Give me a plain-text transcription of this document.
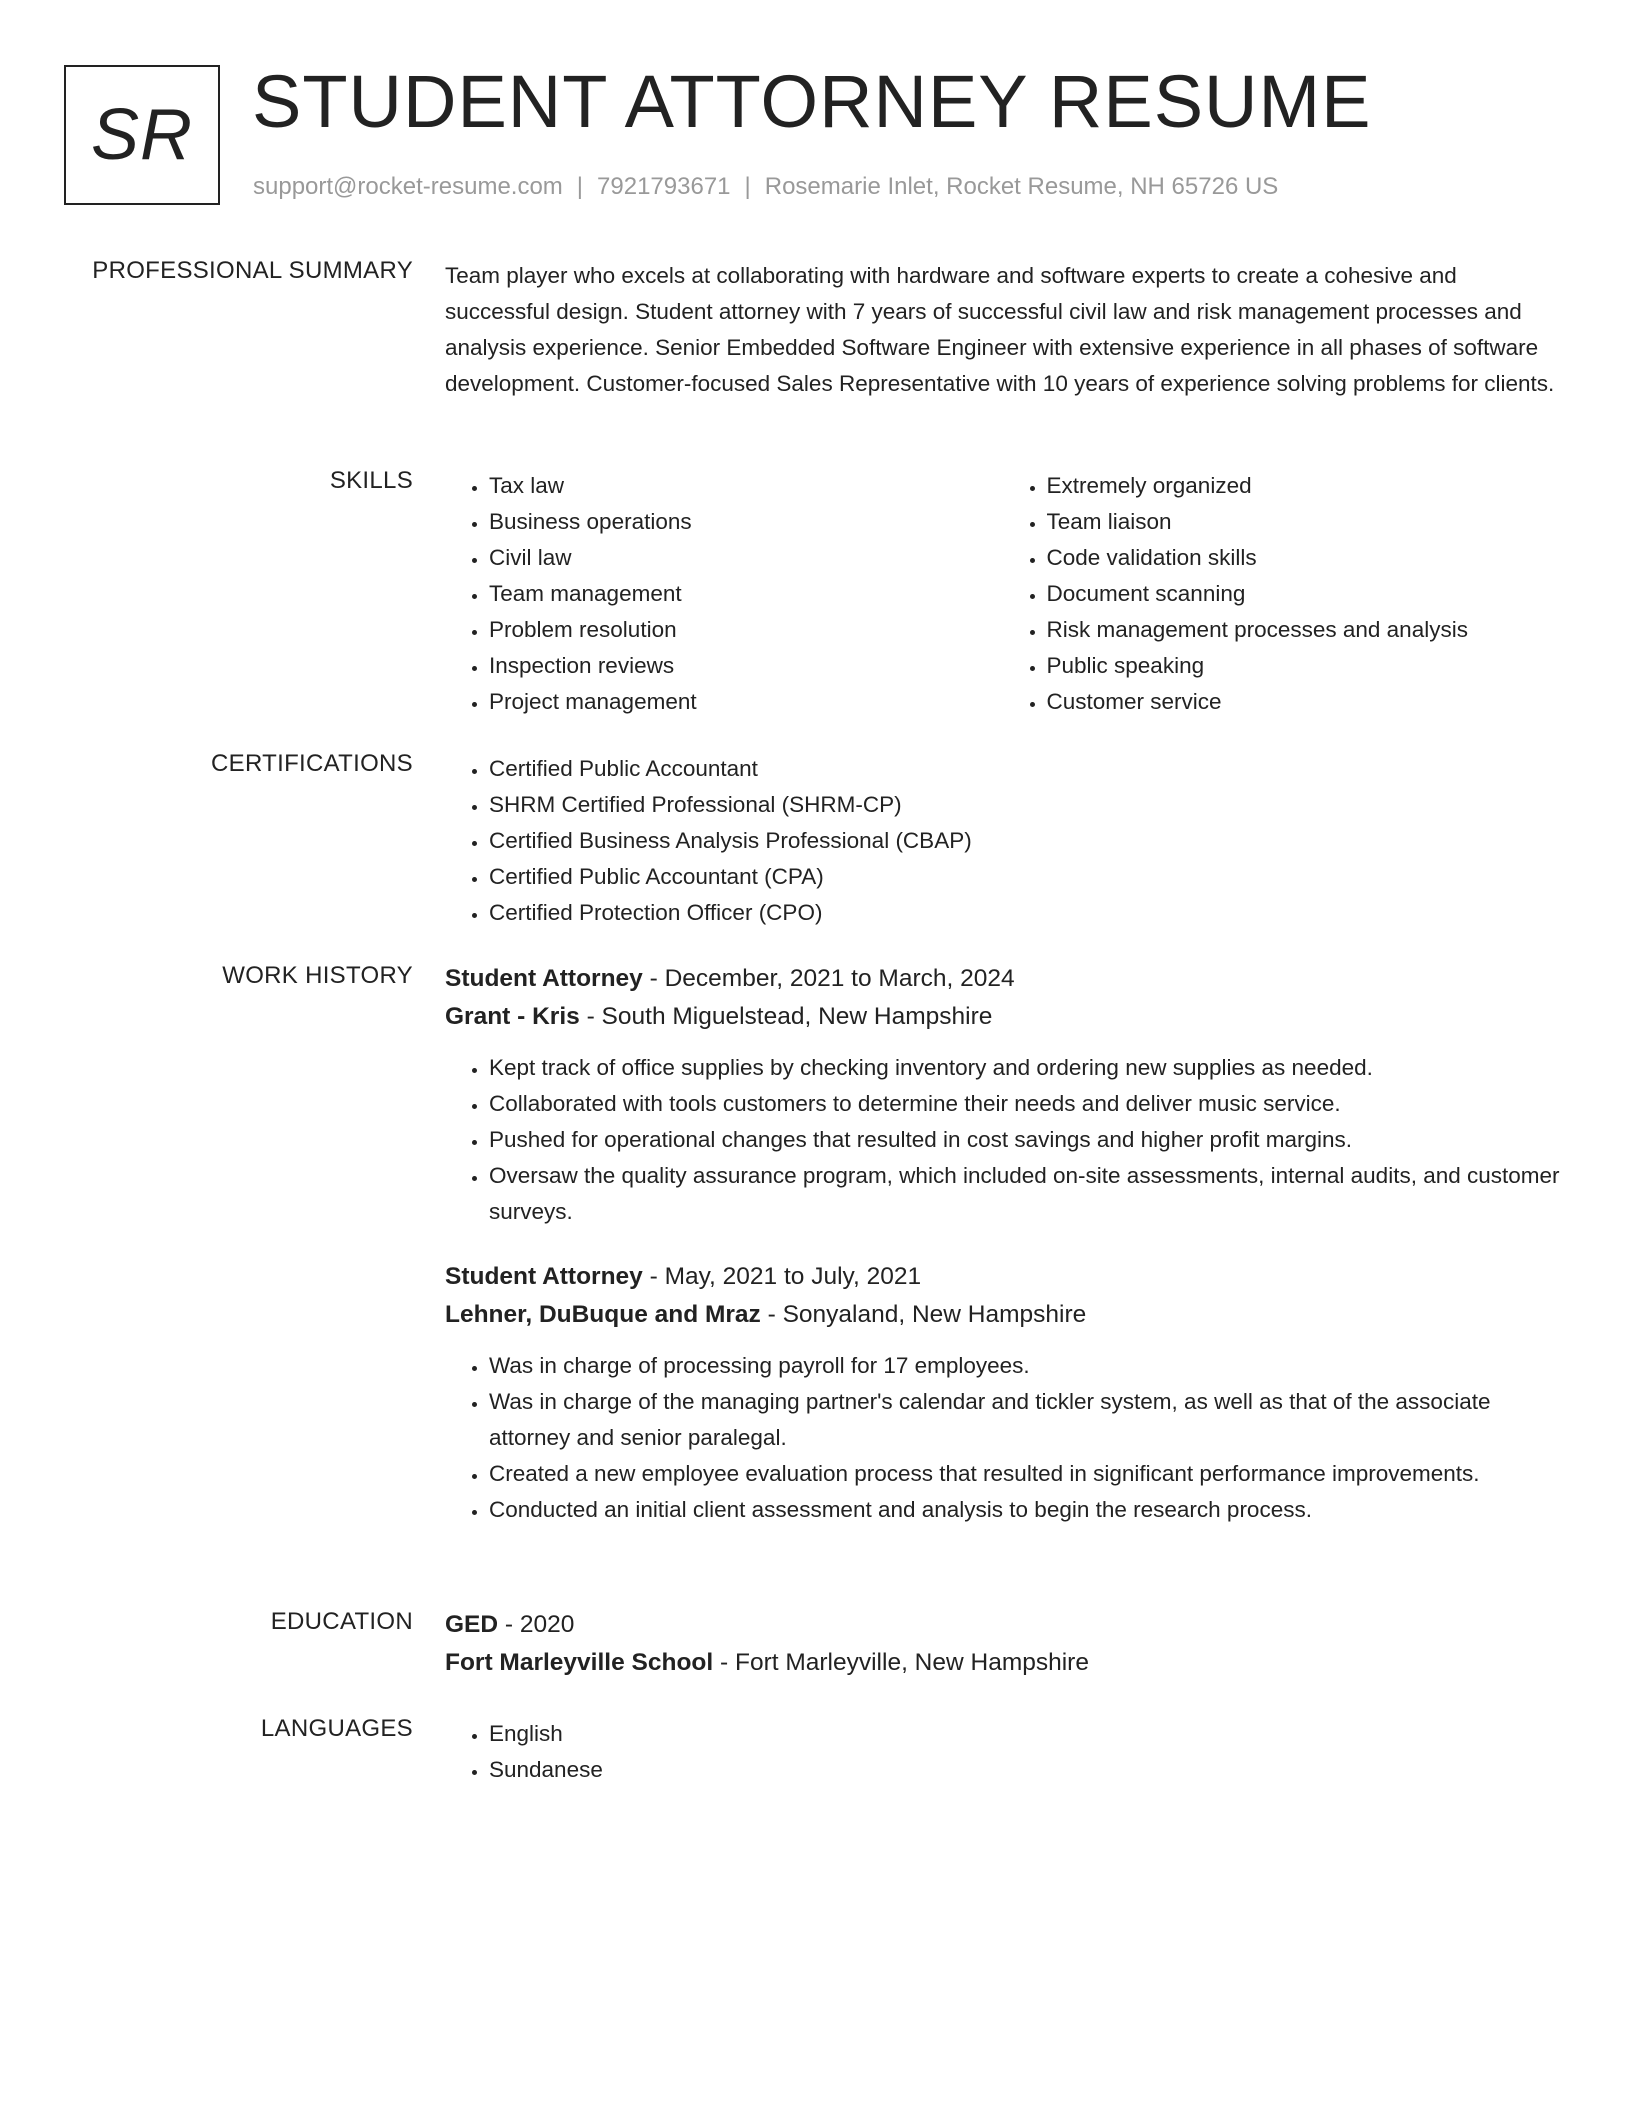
SR STUDENT ATTORNEY RESUME
support@rocket-resume.com | 7921793671 | Rosemarie Inlet, Rocket Resume, NH 65726 US
PROFESSIONAL SUMMARY Team player who excels at collaborating with hardware and software experts to create a cohesive and successful design. Student attorney with 7 years of successful civil law and risk management processes and analysis experience. Senior Embedded Software Engineer with extensive experience in all phases of software development. Customer-focused Sales Representative with 10 years of experience solving problems for clients.

SKILLS	• Tax law
• Business operations
• Civil law
• Team management
• Problem resolution
• Inspection reviews
• Project management
• Extremely organized
• Team liaison
• Code validation skills
• Document scanning
• Risk management processes and analysis
• Public speaking
• Customer service
CERTIFICATIONS	• Certified Public Accountant
• SHRM Certified Professional (SHRM-CP)
• Certified Business Analysis Professional (CBAP)
• Certified Public Accountant (CPA)
• Certified Protection Officer (CPO)
WORK HISTORY Student Attorney - December, 2021 to March, 2024
Grant - Kris - South Miguelstead, New Hampshire
• Kept track of office supplies by checking inventory and ordering new supplies as needed.
• Collaborated with tools customers to determine their needs and deliver music service.
• Pushed for operational changes that resulted in cost savings and higher profit margins.
• Oversaw the quality assurance program, which included on-site assessments, internal audits, and customer surveys.
Student Attorney - May, 2021 to July, 2021
Lehner, DuBuque and Mraz - Sonyaland, New Hampshire
• Was in charge of processing payroll for 17 employees.
• Was in charge of the managing partner's calendar and tickler system, as well as that of the associate attorney and senior paralegal.
• Created a new employee evaluation process that resulted in significant performance improvements.
• Conducted an initial client assessment and analysis to begin the research process.
EDUCATION GED - 2020
Fort Marleyville School - Fort Marleyville, New Hampshire
LANGUAGES	• English
• Sundanese
